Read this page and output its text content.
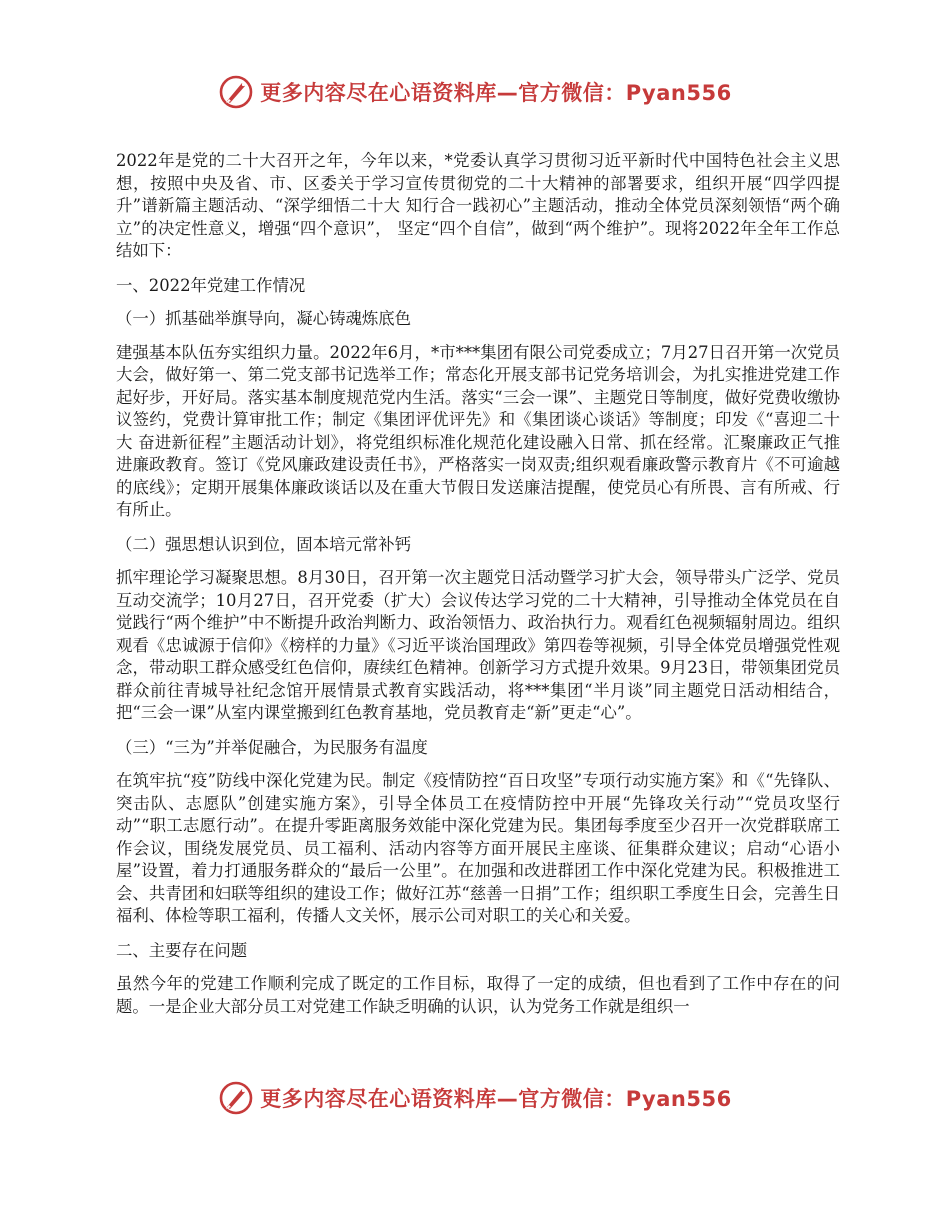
更多内容尽在心语资料库—官方微信：Pyan556

2022年是党的二十大召开之年，今年以来，*党委认真学习贯彻习近平新时代中国特色社会主义思想，按照中央及省、市、区委关于学习宣传贯彻党的二十大精神的部署要求，组织开展“四学四提升”谱新篇主题活动、“深学细悟二十大 知行合一践初心”主题活动，推动全体党员深刻领悟“两个确立”的决定性意义，增强“四个意识”， 坚定“四个自信”，做到“两个维护”。现将2022年全年工作总结如下：

一、2022年党建工作情况

（一）抓基础举旗导向，凝心铸魂炼底色

建强基本队伍夯实组织力量。2022年6月，*市***集团有限公司党委成立；7月27日召开第一次党员大会，做好第一、第二党支部书记选举工作；常态化开展支部书记党务培训会，为扎实推进党建工作起好步，开好局。落实基本制度规范党内生活。落实“三会一课”、主题党日等制度，做好党费收缴协议签约，党费计算审批工作；制定《集团评优评先》和《集团谈心谈话》等制度；印发《“喜迎二十大 奋进新征程”主题活动计划》，将党组织标准化规范化建设融入日常、抓在经常。汇聚廉政正气推进廉政教育。签订《党风廉政建设责任书》，严格落实一岗双责;组织观看廉政警示教育片《不可逾越的底线》；定期开展集体廉政谈话以及在重大节假日发送廉洁提醒，使党员心有所畏、言有所戒、行有所止。

（二）强思想认识到位，固本培元常补钙

抓牢理论学习凝聚思想。8月30日，召开第一次主题党日活动暨学习扩大会，领导带头广泛学、党员互动交流学；10月27日，召开党委（扩大）会议传达学习党的二十大精神，引导推动全体党员在自觉践行“两个维护”中不断提升政治判断力、政治领悟力、政治执行力。观看红色视频辐射周边。组织观看《忠诚源于信仰》《榜样的力量》《习近平谈治国理政》第四卷等视频，引导全体党员增强党性观念，带动职工群众感受红色信仰，赓续红色精神。创新学习方式提升效果。9月23日，带领集团党员群众前往青城导社纪念馆开展情景式教育实践活动，将***集团“半月谈”同主题党日活动相结合，把“三会一课”从室内课堂搬到红色教育基地，党员教育走“新”更走“心”。

（三）“三为”并举促融合，为民服务有温度

在筑牢抗“疫”防线中深化党建为民。制定《疫情防控“百日攻坚”专项行动实施方案》和《“先锋队、突击队、志愿队”创建实施方案》，引导全体员工在疫情防控中开展“先锋攻关行动”“党员攻坚行动”“职工志愿行动”。在提升零距离服务效能中深化党建为民。集团每季度至少召开一次党群联席工作会议，围绕发展党员、员工福利、活动内容等方面开展民主座谈、征集群众建议；启动“心语小屋”设置，着力打通服务群众的“最后一公里”。在加强和改进群团工作中深化党建为民。积极推进工会、共青团和妇联等组织的建设工作；做好江苏“慈善一日捐”工作；组织职工季度生日会，完善生日福利、体检等职工福利，传播人文关怀，展示公司对职工的关心和关爱。

二、主要存在问题

虽然今年的党建工作顺利完成了既定的工作目标，取得了一定的成绩，但也看到了工作中存在的问题。一是企业大部分员工对党建工作缺乏明确的认识，认为党务工作就是组织一

更多内容尽在心语资料库—官方微信：Pyan556
